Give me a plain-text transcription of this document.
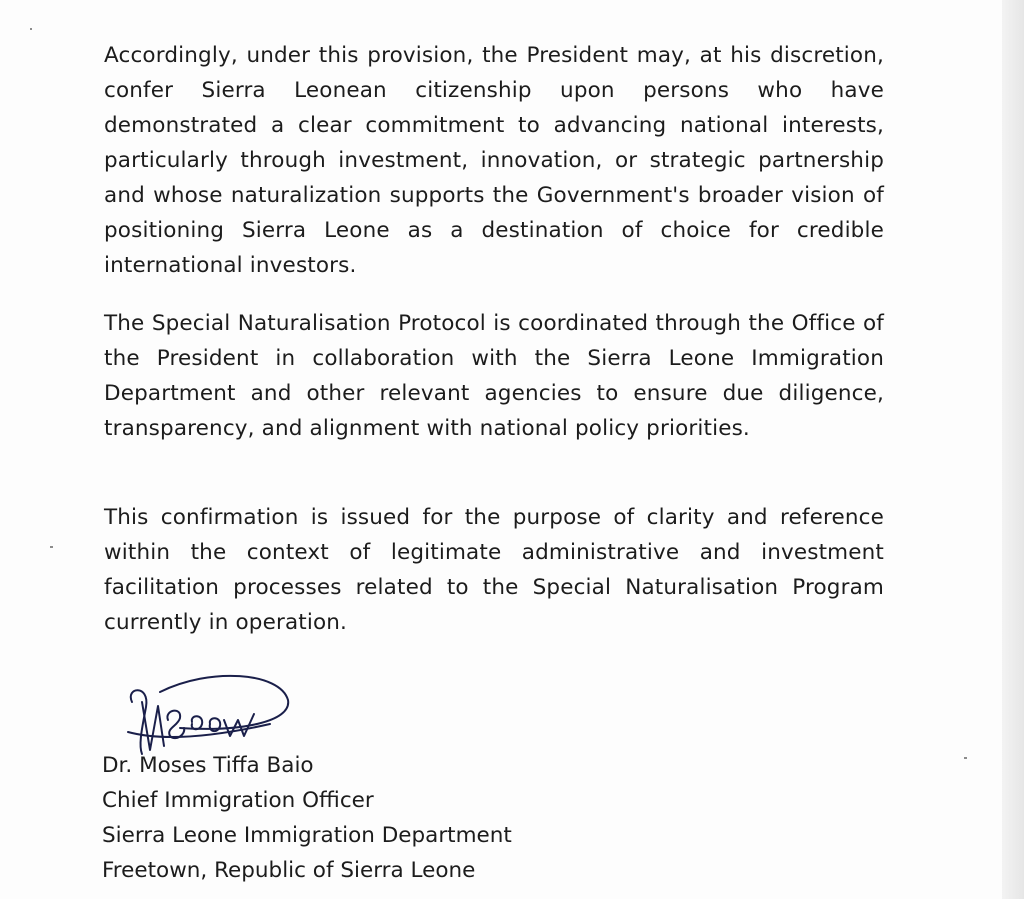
Accordingly, under this provision, the President may, at his discretion, confer Sierra Leonean citizenship upon persons who have demonstrated a clear commitment to advancing national interests, particularly through investment, innovation, or strategic partnership and whose naturalization supports the Government's broader vision of positioning Sierra Leone as a destination of choice for credible international investors.

The Special Naturalisation Protocol is coordinated through the Office of the President in collaboration with the Sierra Leone Immigration Department and other relevant agencies to ensure due diligence, transparency, and alignment with national policy priorities.

This confirmation is issued for the purpose of clarity and reference within the context of legitimate administrative and investment facilitation processes related to the Special Naturalisation Program currently in operation.

Dr. Moses Tiffa Baio

Chief Immigration Officer

Sierra Leone Immigration Department

Freetown, Republic of Sierra Leone
